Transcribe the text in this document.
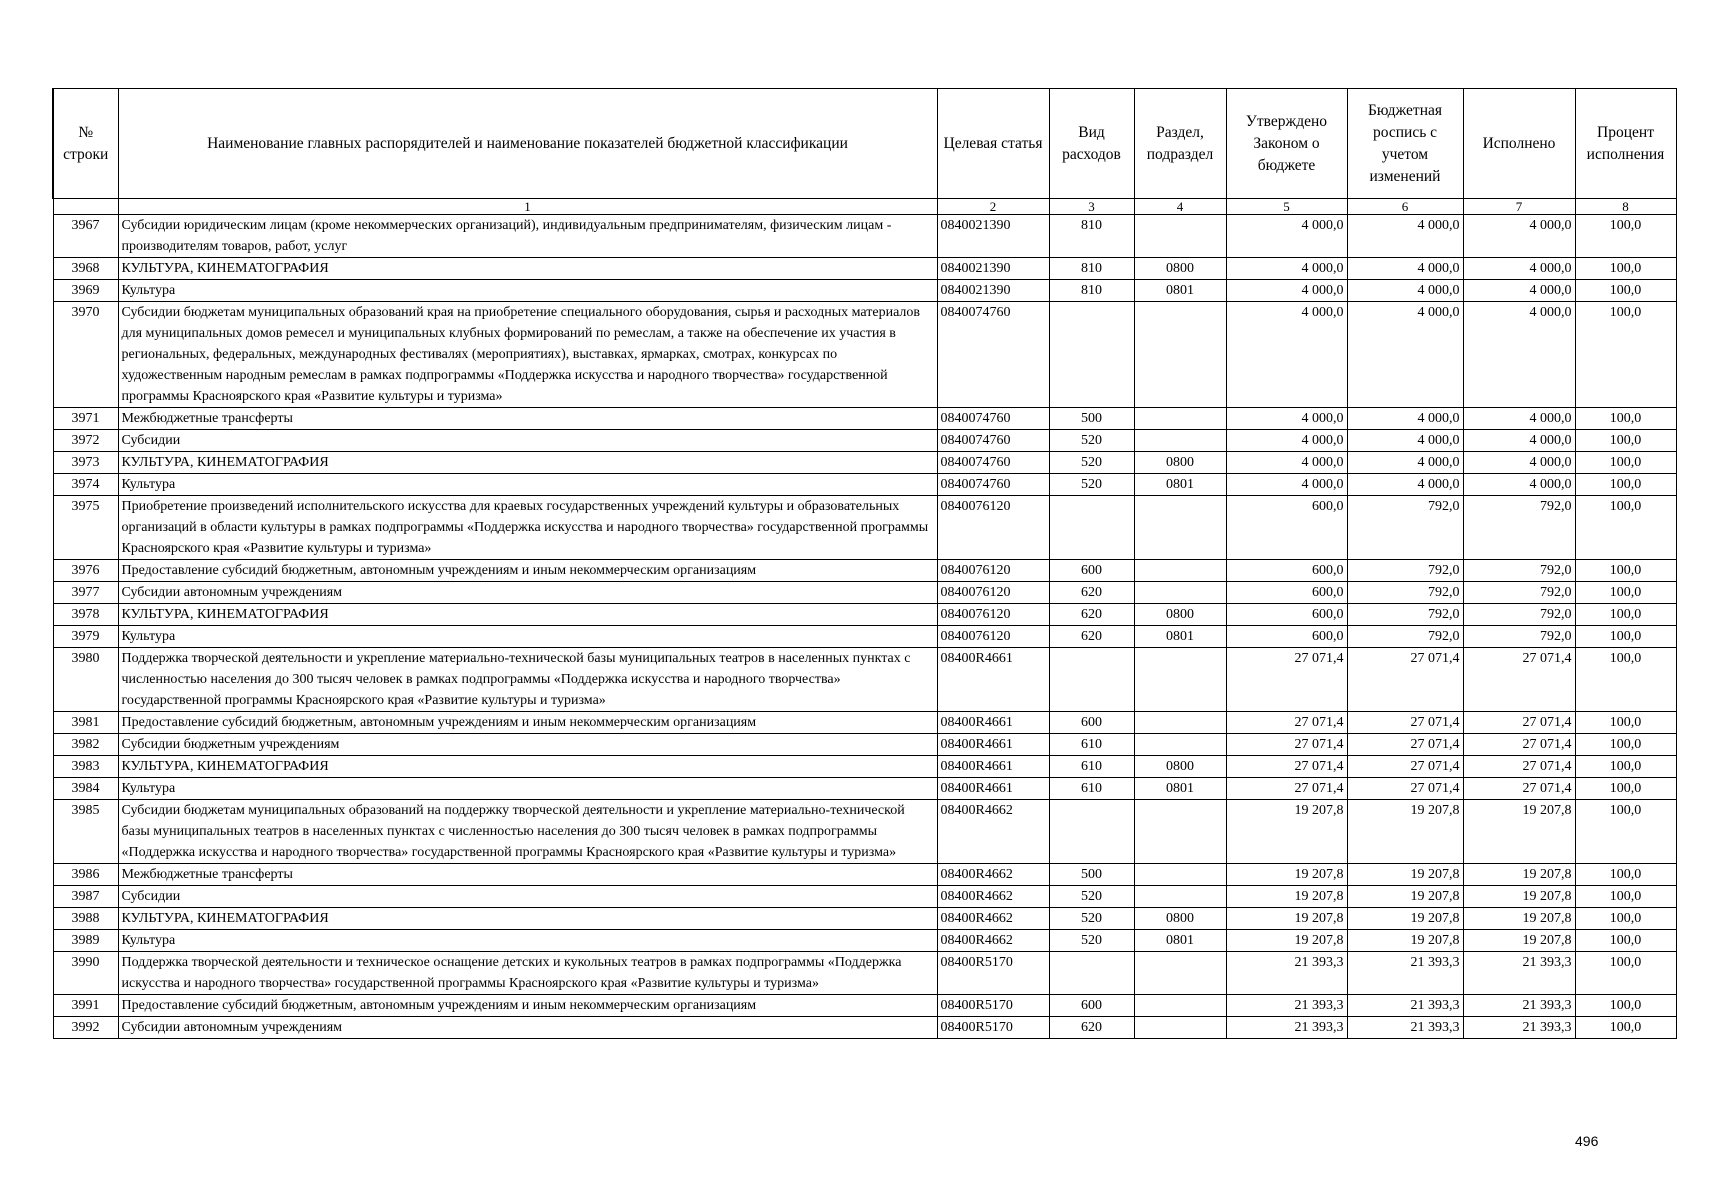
№ строки	Наименование главных распорядителей и наименование показателей бюджетной классификации	Целевая статья	Вид расходов	Раздел, подраздел	Утверждено Законом о бюджете	Бюджетная роспись с учетом изменений	Исполнено	Процент исполнения
	1	2	3	4	5	6	7	8
3967	Субсидии юридическим лицам (кроме некоммерческих организаций), индивидуальным предпринимателям, физическим лицам - производителям товаров, работ, услуг	0840021390	810		4 000,0	4 000,0	4 000,0	100,0
3968	КУЛЬТУРА, КИНЕМАТОГРАФИЯ	0840021390	810	0800	4 000,0	4 000,0	4 000,0	100,0
3969	Культура	0840021390	810	0801	4 000,0	4 000,0	4 000,0	100,0
3970	Субсидии бюджетам муниципальных образований края на приобретение специального оборудования, сырья и расходных материалов для муниципальных домов ремесел и муниципальных клубных формирований по ремеслам, а также на обеспечение их участия в региональных, федеральных, международных фестивалях (мероприятиях), выставках, ярмарках, смотрах, конкурсах по художественным народным ремеслам в рамках подпрограммы «Поддержка искусства и народного творчества» государственной программы Красноярского края «Развитие культуры и туризма»	0840074760			4 000,0	4 000,0	4 000,0	100,0
3971	Межбюджетные трансферты	0840074760	500		4 000,0	4 000,0	4 000,0	100,0
3972	Субсидии	0840074760	520		4 000,0	4 000,0	4 000,0	100,0
3973	КУЛЬТУРА, КИНЕМАТОГРАФИЯ	0840074760	520	0800	4 000,0	4 000,0	4 000,0	100,0
3974	Культура	0840074760	520	0801	4 000,0	4 000,0	4 000,0	100,0
3975	Приобретение произведений исполнительского искусства для краевых государственных учреждений культуры и образовательных организаций в области культуры в рамках подпрограммы «Поддержка искусства и народного творчества» государственной программы Красноярского края «Развитие культуры и туризма»	0840076120			600,0	792,0	792,0	100,0
3976	Предоставление субсидий бюджетным, автономным учреждениям и иным некоммерческим организациям	0840076120	600		600,0	792,0	792,0	100,0
3977	Субсидии автономным учреждениям	0840076120	620		600,0	792,0	792,0	100,0
3978	КУЛЬТУРА, КИНЕМАТОГРАФИЯ	0840076120	620	0800	600,0	792,0	792,0	100,0
3979	Культура	0840076120	620	0801	600,0	792,0	792,0	100,0
3980	Поддержка творческой деятельности и укрепление материально-технической базы муниципальных театров в населенных пунктах с численностью населения до 300 тысяч человек в рамках подпрограммы «Поддержка искусства и народного творчества» государственной программы Красноярского края «Развитие культуры и туризма»	08400R4661			27 071,4	27 071,4	27 071,4	100,0
3981	Предоставление субсидий бюджетным, автономным учреждениям и иным некоммерческим организациям	08400R4661	600		27 071,4	27 071,4	27 071,4	100,0
3982	Субсидии бюджетным учреждениям	08400R4661	610		27 071,4	27 071,4	27 071,4	100,0
3983	КУЛЬТУРА, КИНЕМАТОГРАФИЯ	08400R4661	610	0800	27 071,4	27 071,4	27 071,4	100,0
3984	Культура	08400R4661	610	0801	27 071,4	27 071,4	27 071,4	100,0
3985	Субсидии бюджетам муниципальных образований на поддержку творческой деятельности и укрепление материально-технической базы муниципальных театров в населенных пунктах с численностью населения до 300 тысяч человек в рамках подпрограммы «Поддержка искусства и народного творчества» государственной программы Красноярского края «Развитие культуры и туризма»	08400R4662			19 207,8	19 207,8	19 207,8	100,0
3986	Межбюджетные трансферты	08400R4662	500		19 207,8	19 207,8	19 207,8	100,0
3987	Субсидии	08400R4662	520		19 207,8	19 207,8	19 207,8	100,0
3988	КУЛЬТУРА, КИНЕМАТОГРАФИЯ	08400R4662	520	0800	19 207,8	19 207,8	19 207,8	100,0
3989	Культура	08400R4662	520	0801	19 207,8	19 207,8	19 207,8	100,0
3990	Поддержка творческой деятельности и техническое оснащение детских и кукольных театров в рамках подпрограммы «Поддержка искусства и народного творчества» государственной программы Красноярского края «Развитие культуры и туризма»	08400R5170			21 393,3	21 393,3	21 393,3	100,0
3991	Предоставление субсидий бюджетным, автономным учреждениям и иным некоммерческим организациям	08400R5170	600		21 393,3	21 393,3	21 393,3	100,0
3992	Субсидии автономным учреждениям	08400R5170	620		21 393,3	21 393,3	21 393,3	100,0
496
